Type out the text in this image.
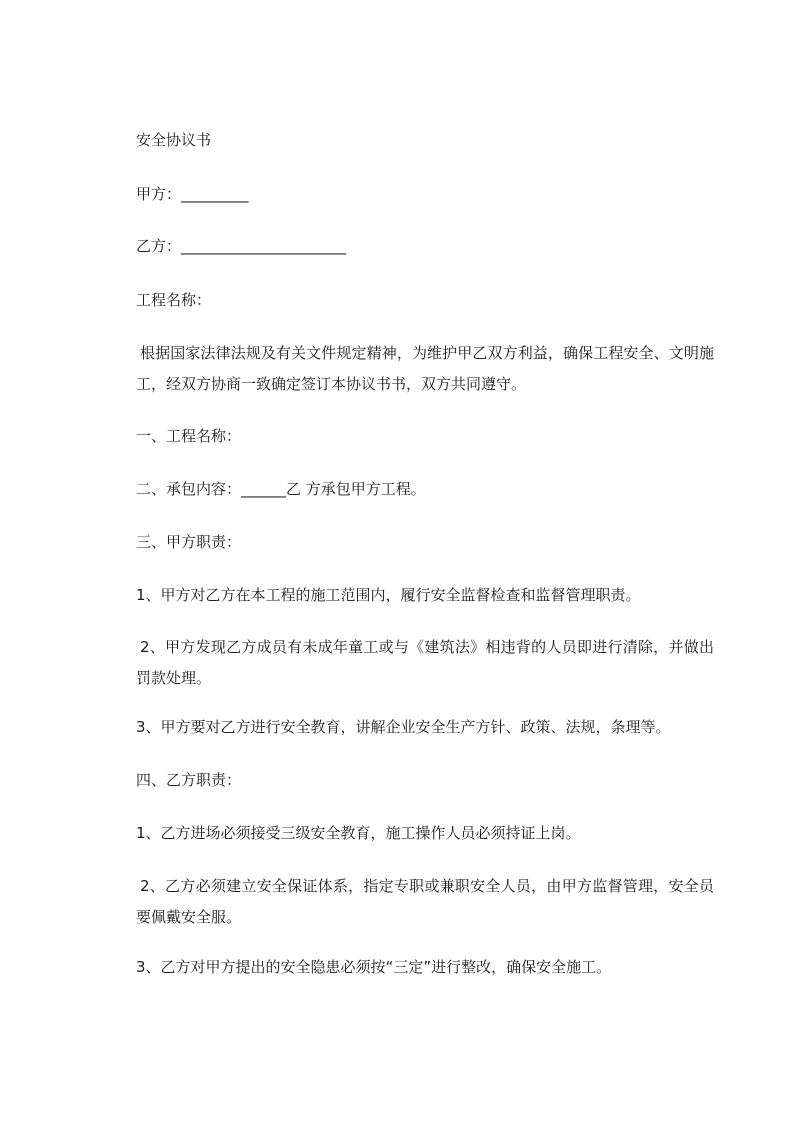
安全协议书
甲方：_________
乙方：______________________
工程名称：
根据国家法律法规及有关文件规定精神，为维护甲乙双方利益，确保工程安全、文明施工，经双方协商一致确定签订本协议书书，双方共同遵守。
一、工程名称：
二、承包内容：______乙 方承包甲方工程。
三、甲方职责：
1、甲方对乙方在本工程的施工范围内，履行安全监督检查和监督管理职责。
2、甲方发现乙方成员有未成年童工或与《建筑法》相违背的人员即进行清除，并做出罚款处理。
3、甲方要对乙方进行安全教育，讲解企业安全生产方针、政策、法规，条理等。
四、乙方职责：
1、乙方进场必须接受三级安全教育，施工操作人员必须持证上岗。
2、乙方必须建立安全保证体系，指定专职或兼职安全人员，由甲方监督管理，安全员要佩戴安全服。
3、乙方对甲方提出的安全隐患必须按“三定”进行整改，确保安全施工。
